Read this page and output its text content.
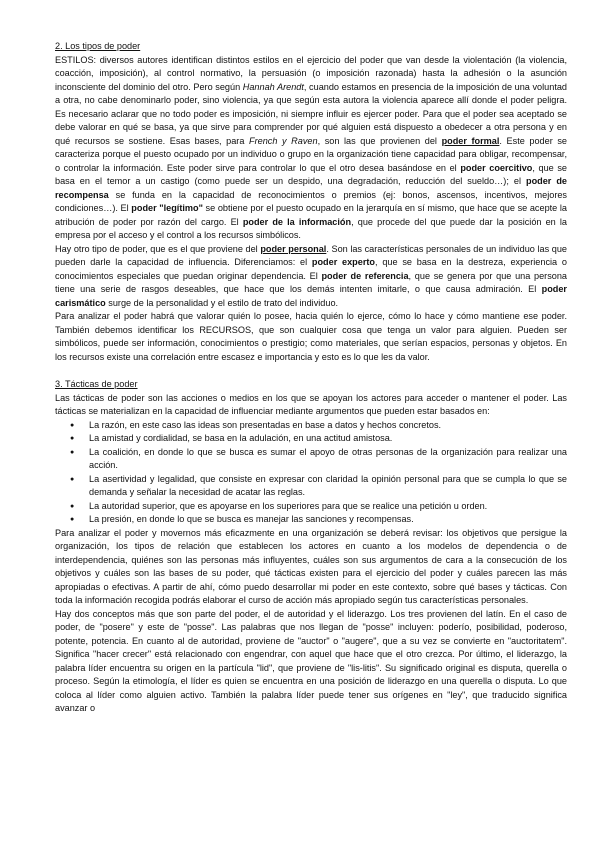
2. Los tipos de poder

ESTILOS: diversos autores identifican distintos estilos en el ejercicio del poder que van desde la violentación (la violencia, coacción, imposición), al control normativo, la persuasión (o imposición razonada) hasta la adhesión o la asunción inconsciente del dominio del otro. Pero según Hannah Arendt, cuando estamos en presencia de la imposición de una voluntad a otra, no cabe denominarlo poder, sino violencia, ya que según esta autora la violencia aparece allí donde el poder peligra. Es necesario aclarar que no todo poder es imposición, ni siempre influir es ejercer poder. Para que el poder sea aceptado se debe valorar en qué se basa, ya que sirve para comprender por qué alguien está dispuesto a obedecer a otra persona y en qué recursos se sostiene. Esas bases, para French y Raven, son las que provienen del poder formal. Este poder se caracteriza porque el puesto ocupado por un individuo o grupo en la organización tiene capacidad para obligar, recompensar, o controlar la información. Este poder sirve para controlar lo que el otro desea basándose en el poder coercitivo, que se basa en el temor a un castigo (como puede ser un despido, una degradación, reducción del sueldo…); el poder de recompensa se funda en la capacidad de reconocimientos o premios (ej: bonos, ascensos, incentivos, mejores condiciones…). El poder "legítimo" se obtiene por el puesto ocupado en la jerarquía en sí mismo, que hace que se acepte la atribución de poder por razón del cargo. El poder de la información, que procede del que puede dar la posición en la empresa por el acceso y el control a los recursos simbólicos.

Hay otro tipo de poder, que es el que proviene del poder personal. Son las características personales de un individuo las que pueden darle la capacidad de influencia. Diferenciamos: el poder experto, que se basa en la destreza, experiencia o conocimientos especiales que puedan originar dependencia. El poder de referencia, que se genera por que una persona tiene una serie de rasgos deseables, que hace que los demás intenten imitarle, o que causa admiración. El poder carismático surge de la personalidad y el estilo de trato del individuo.

Para analizar el poder habrá que valorar quién lo posee, hacia quién lo ejerce, cómo lo hace y cómo mantiene ese poder. También debemos identificar los RECURSOS, que son cualquier cosa que tenga un valor para alguien. Pueden ser simbólicos, puede ser información, conocimientos o prestigio; como materiales, que serían espacios, personas y objetos. En los recursos existe una correlación entre escasez e importancia y esto es lo que les da valor.

3. Tácticas de poder

Las tácticas de poder son las acciones o medios en los que se apoyan los actores para acceder o mantener el poder. Las tácticas se materializan en la capacidad de influenciar mediante argumentos que pueden estar basados en:

● La razón, en este caso las ideas son presentadas en base a datos y hechos concretos.
● La amistad y cordialidad, se basa en la adulación, en una actitud amistosa.
● La coalición, en donde lo que se busca es sumar el apoyo de otras personas de la organización para realizar una acción.
● La asertividad y legalidad, que consiste en expresar con claridad la opinión personal para que se cumpla lo que se demanda y señalar la necesidad de acatar las reglas.
● La autoridad superior, que es apoyarse en los superiores para que se realice una petición u orden.
● La presión, en donde lo que se busca es manejar las sanciones y recompensas.

Para analizar el poder y movernos más eficazmente en una organización se deberá revisar: los objetivos que persigue la organización, los tipos de relación que establecen los actores en cuanto a los modelos de dependencia o de interdependencia, quiénes son las personas más influyentes, cuáles son sus argumentos de cara a la consecución de los objetivos y cuáles son las bases de su poder, qué tácticas existen para el ejercicio del poder y cuáles parecen las más apropiadas o efectivas. A partir de ahí, cómo puedo desarrollar mi poder en este contexto, sobre qué bases y tácticas. Con toda la información recogida podrás elaborar el curso de acción más apropiado según tus características personales.

Hay dos conceptos más que son parte del poder, el de autoridad y el liderazgo. Los tres provienen del latín. En el caso de poder, de "posere" y este de "posse". Las palabras que nos llegan de "posse" incluyen: poderío, posibilidad, poderoso, potente, potencia. En cuanto al de autoridad, proviene de "auctor" o "augere", que a su vez se convierte en "auctoritatem". Significa "hacer crecer" está relacionado con engendrar, con aquel que hace que el otro crezca. Por último, el liderazgo, la palabra líder encuentra su origen en la partícula "lid", que proviene de "lis-litis". Su significado original es disputa, querella o proceso. Según la etimología, el líder es quien se encuentra en una posición de liderazgo en una querella o disputa. Lo que coloca al líder como alguien activo. También la palabra líder puede tener sus orígenes en "ley", que traducido significa avanzar o
